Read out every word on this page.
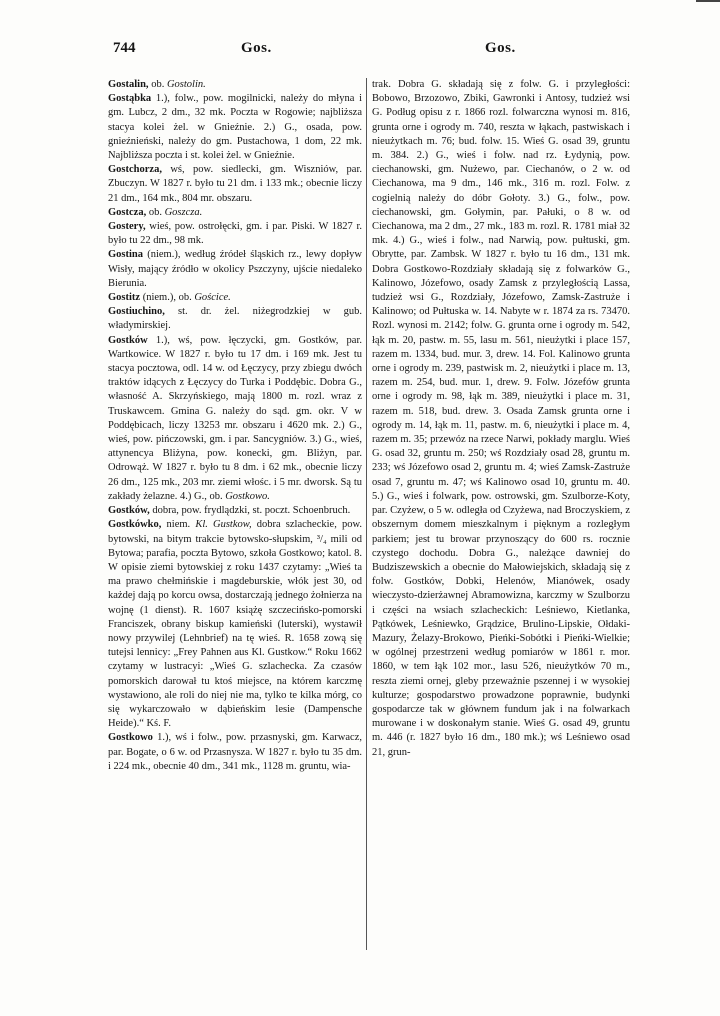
744	Gos.	Gos.

Gostalin, ob. Gostolin.

Gostąbka 1.), folw., pow. mogilnicki, należy do młyna i gm. Lubcz, 2 dm., 32 mk. Poczta w Rogowie; najbliższa stacya kolei żel. w Gnieźnie. 2.) G., osada, pow. gnieźnieński, należy do gm. Pustachowa, 1 dom, 22 mk. Najbliższa poczta i st. kolei żel. w Gnieźnie.

Gostchorza, wś, pow. siedlecki, gm. Wiszniów, par. Zbuczyn. W 1827 r. było tu 21 dm. i 133 mk.; obecnie liczy 21 dm., 164 mk., 804 mr. obszaru.

Gostcza, ob. Goszcza.

Gostery, wieś, pow. ostrołęcki, gm. i par. Piski. W 1827 r. było tu 22 dm., 98 mk.

Gostina (niem.), według źródeł śląskich rz., lewy dopływ Wisły, mający źródło w okolicy Pszczyny, ujście niedaleko Bierunia.

Gostitz (niem.), ob. Gościce.

Gostiuchino, st. dr. żel. niżegrodzkiej w gub. władymirskiej.

Gostków 1.), wś, pow. łęczycki, gm. Gostków, par. Wartkowice. W 1827 r. było tu 17 dm. i 169 mk. Jest tu stacya pocztowa, odl. 14 w. od Łęczycy, przy zbiegu dwóch traktów idących z Łęczycy do Turka i Poddębic. Dobra G., własność A. Skrzyńskiego, mają 1800 m. rozl. wraz z Truskawcem. Gmina G. należy do sąd. gm. okr. V w Poddębicach, liczy 13253 mr. obszaru i 4620 mk. 2.) G., wieś, pow. pińczowski, gm. i par. Sancygniów. 3.) G., wieś, attynencya Bliżyna, pow. konecki, gm. Bliżyn, par. Odrowąż. W 1827 r. było tu 8 dm. i 62 mk., obecnie liczy 26 dm., 125 mk., 203 mr. ziemi włośc. i 5 mr. dworsk. Są tu zakłady żelazne. 4.) G., ob. Gostkowo.

Gostków, dobra, pow. frydlądzki, st. poczt. Schoenbruch.

Gostkówko, niem. Kl. Gustkow, dobra szlacheckie, pow. bytowski, na bitym trakcie bytowsko-słupskim, ³/₄ mili od Bytowa; parafia, poczta Bytowo, szkoła Gostkowo; katol. 8. W opisie ziemi bytowskiej z roku 1437 czytamy: „Wieś ta ma prawo chełmińskie i magdeburskie, włók jest 30, od każdej dają po korcu owsa, dostarczają jednego żołnierza na wojnę (1 dienst). R. 1607 książę szczecińsko-pomorski Franciszek, obrany biskup kamieński (luterski), wystawił nowy przywilej (Lehnbrief) na tę wieś. R. 1658 zową się tutejsi lennicy: „Frey Pahnen aus Kl. Gustkow.“ Roku 1662 czytamy w lustracyi: „Wieś G. szlachecka. Za czasów pomorskich darował tu ktoś miejsce, na którem karczmę wystawiono, ale roli do niej nie ma, tylko te kilka mórg, co się wykarczowało w dąbieńskim lesie (Dampensche Heide).“ Kś. F.

Gostkowo 1.), wś i folw., pow. przasnyski, gm. Karwacz, par. Bogate, o 6 w. od Przasnysza. W 1827 r. było tu 35 dm. i 224 mk., obecnie 40 dm., 341 mk., 1128 m. gruntu, wia-

trak. Dobra G. składają się z folw. G. i przyległości: Bobowo, Brzozowo, Zbiki, Gawronki i Antosy, tudzież wsi G. Podług opisu z r. 1866 rozl. folwarczna wynosi m. 816, grunta orne i ogrody m. 740, reszta w łąkach, pastwiskach i nieużytkach m. 76; bud. folw. 15. Wieś G. osad 39, gruntu m. 384. 2.) G., wieś i folw. nad rz. Łydynią, pow. ciechanowski, gm. Nużewo, par. Ciechanów, o 2 w. od Ciechanowa, ma 9 dm., 146 mk., 316 m. rozl. Folw. z cogielnią należy do dóbr Gołoty. 3.) G., folw., pow. ciechanowski, gm. Gołymin, par. Pałuki, o 8 w. od Ciechanowa, ma 2 dm., 27 mk., 183 m. rozl. R. 1781 miał 32 mk. 4.) G., wieś i folw., nad Narwią, pow. pułtuski, gm. Obrytte, par. Zambsk. W 1827 r. było tu 16 dm., 131 mk. Dobra Gostkowo-Rozdziały składają się z folwarków G., Kalinowo, Józefowo, osady Zamsk z przyległością Lassa, tudzież wsi G., Rozdziały, Józefowo, Zamsk-Zastruże i Kalinowo; od Pułtuska w. 14. Nabyte w r. 1874 za rs. 73470. Rozl. wynosi m. 2142; folw. G. grunta orne i ogrody m. 542, łąk m. 20, pastw. m. 55, lasu m. 561, nieużytki i place 157, razem m. 1334, bud. mur. 3, drew. 14. Fol. Kalinowo grunta orne i ogrody m. 239, pastwisk m. 2, nieużytki i place m. 13, razem m. 254, bud. mur. 1, drew. 9. Folw. Józefów grunta orne i ogrody m. 98, łąk m. 389, nieużytki i place m. 31, razem m. 518, bud. drew. 3. Osada Zamsk grunta orne i ogrody m. 14, łąk m. 11, pastw. m. 6, nieużytki i place m. 4, razem m. 35; przewóz na rzece Narwi, pokłady marglu. Wieś G. osad 32, gruntu m. 250; wś Rozdziały osad 28, gruntu m. 233; wś Józefowo osad 2, gruntu m. 4; wieś Zamsk-Zastruże osad 7, gruntu m. 47; wś Kalinowo osad 10, gruntu m. 40. 5.) G., wieś i folwark, pow. ostrowski, gm. Szulborze-Koty, par. Czyżew, o 5 w. odległa od Czyżewa, nad Broczyskiem, z obszernym domem mieszkalnym i pięknym a rozległym parkiem; jest tu browar przynoszący do 600 rs. rocznie czystego dochodu. Dobra G., należące dawniej do Budziszewskich a obecnie do Małowiejskich, składają się z folw. Gostków, Dobki, Helenów, Mianówek, osady wieczysto-dzierżawnej Abramowizna, karczmy w Szulborzu i części na wsiach szlacheckich: Leśniewo, Kietlanka, Pątkówek, Leśniewko, Grądzice, Brulino-Lipskie, Ołdaki-Mazury, Żelazy-Brokowo, Pieńki-Sobótki i Pieńki-Wielkie; w ogólnej przestrzeni według pomiarów w 1861 r. mor. 1860, w tem łąk 102 mor., lasu 526, nieużytków 70 m., reszta ziemi ornej, gleby przeważnie pszennej i w wysokiej kulturze; gospodarstwo prowadzone poprawnie, budynki gospodarcze tak w głównem fundum jak i na folwarkach murowane i w doskonałym stanie. Wieś G. osad 49, gruntu m. 446 (r. 1827 było 16 dm., 180 mk.); wś Leśniewo osad 21, grun-
